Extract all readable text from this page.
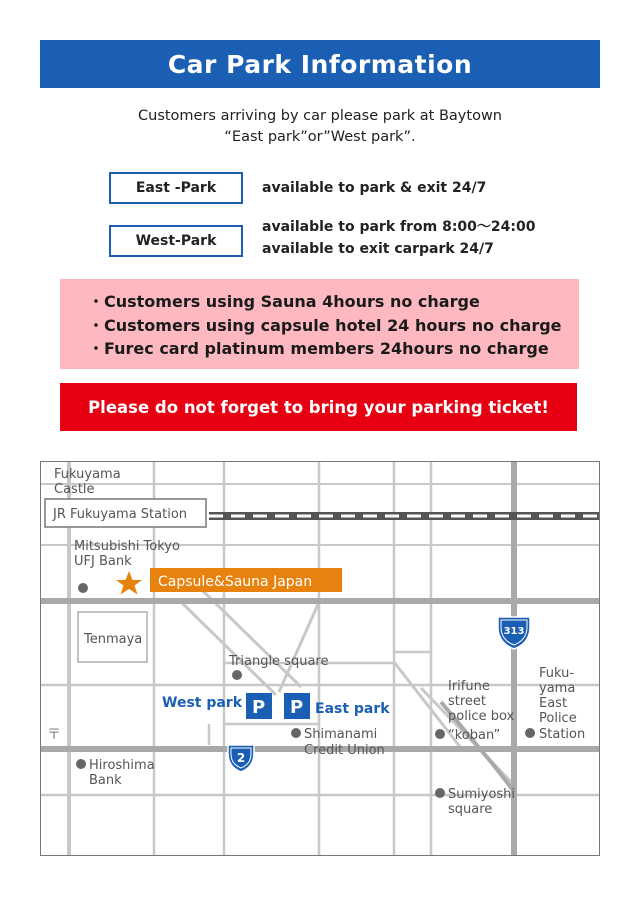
Car Park Information
Customers arriving by car please park at Baytown
“East park”or”West park”.
East -Park	available to park & exit 24/7
West-Park
available to park from 8:00〜24:00
available to exit carpark 24/7
・Customers using Sauna 4hours no charge
・Customers using capsule hotel 24 hours no charge
・Furec card platinum members 24hours no charge
Please do not forget to bring your parking ticket!
Fukuyama
Castle
JR Fukuyama Station
Mitsubishi Tokyo
UFJ Bank
Capsule&Sauna Japan
Tenmaya
Triangle square
West park P P East park
Shimanami
Credit Union
2
313
Irifune
street
police box
“koban”
Fuku-
yama
East
Police
Station
〒
Hiroshima
Bank
Sumiyoshi
square
